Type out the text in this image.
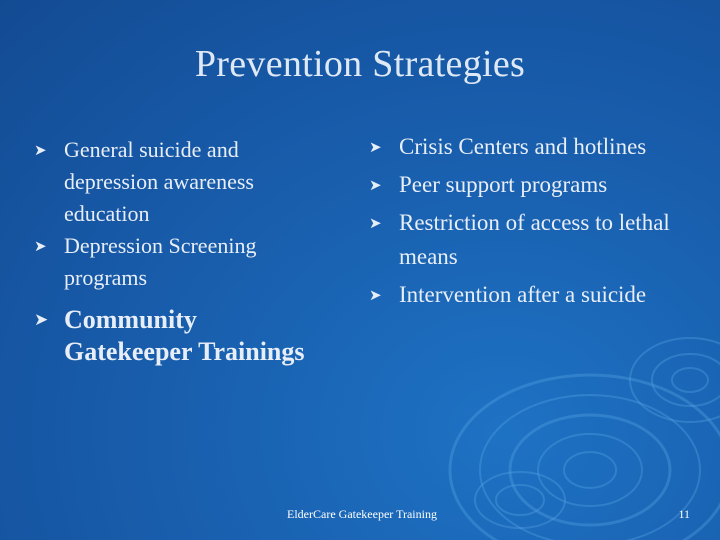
Prevention Strategies
➤ General suicide and depression awareness education
➤ Depression Screening programs
➤ Community Gatekeeper Trainings
➤ Crisis Centers and hotlines
➤ Peer support programs
➤ Restriction of access to lethal means
➤ Intervention after a suicide
ElderCare Gatekeeper Training	11
